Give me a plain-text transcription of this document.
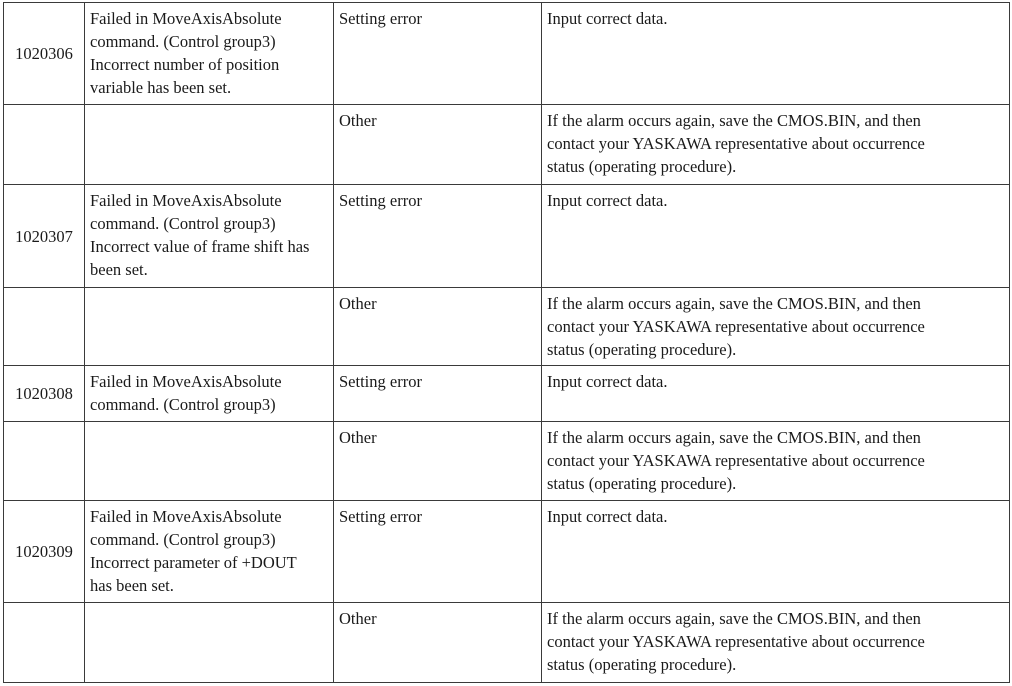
1020306	Failed in MoveAxisAbsolute
command. (Control group3)
Incorrect number of position
variable has been set.	Setting error	Input correct data.
		Other	If the alarm occurs again, save the CMOS.BIN, and then
contact your YASKAWA representative about occurrence
status (operating procedure).
1020307	Failed in MoveAxisAbsolute
command. (Control group3)
Incorrect value of frame shift has
been set.	Setting error	Input correct data.
		Other	If the alarm occurs again, save the CMOS.BIN, and then
contact your YASKAWA representative about occurrence
status (operating procedure).
1020308	Failed in MoveAxisAbsolute
command. (Control group3)	Setting error	Input correct data.
		Other	If the alarm occurs again, save the CMOS.BIN, and then
contact your YASKAWA representative about occurrence
status (operating procedure).
1020309	Failed in MoveAxisAbsolute
command. (Control group3)
Incorrect parameter of +DOUT
has been set.	Setting error	Input correct data.
		Other	If the alarm occurs again, save the CMOS.BIN, and then
contact your YASKAWA representative about occurrence
status (operating procedure).
